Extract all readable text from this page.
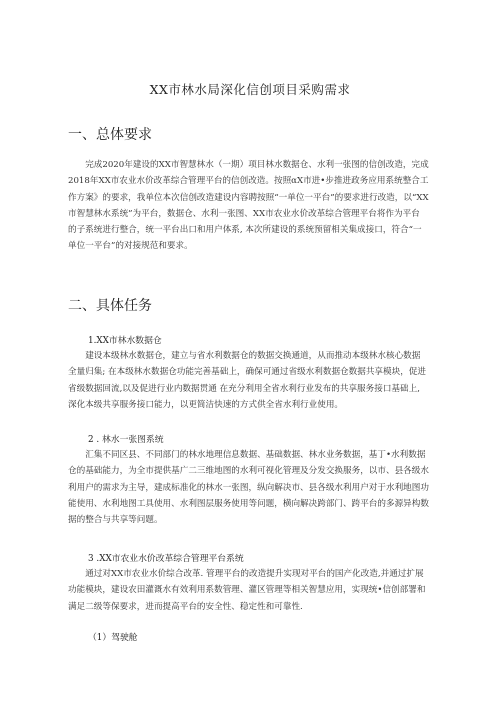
XX市林水局深化信创项目采购需求
一、总体要求
完成2020年建设的XX市智慧林水（一期）项目林水数据仓、水利一张图的信创改造，完成
2018年XX市农业水价改革综合管理平台的信创改造。按照αX市进•步推进政务应用系统整合工
作方案》的要求，我单位本次信创改造建设内容聘按照“一单位一平台”的要求进行改造，以“XX
市智慧林水系统”为平台，数据仓、水利一张图、XX市农业水价改革综合管理平台将作为平台
的子系统进行整合，统一平台出口和用户体系, 本次所建设的系统预留相关集成接口，符合“一
单位一平台”的对接规范和要求。
二、具体任务
1.XX市林水数据仓
建设本级林水数据仓，建立与省水利数据仓的数据交换通道，从而推动本级林水核心数据
全量归集; 在本级林水数据仓功能完善基础上，确保可通过省级水利数据仓数据共享模块，促进
省级数据回流,以及促进行业内数据贯通 在充分利用全省水利行业发布的共享服务接口基础上,
深化本级共享服务接口能力，以更简洁快速的方式供全省水利行业使用。
2 . 林水一张图系统
汇集不同区县、不同部门的林水地理信息数据、基础数据、林水业务数据，基丁•水利数据
仓的基础能力，为全市提供基广二三维地图的水利可视化管理及分发交换服务，以市、县各级水
利用户的需求为主导，建成标准化的林水一张图，纵向解决市、县各级水利用户对于水利地图功
能使用、水利地图工具使用、水利图层服务使用等问题，横向解决跨部门、跨平台的多源异构数
据的整合与共享等问题。
3 .XX市农业水价改革综合管理平台系统
通过对XX市农业水价综合改革. 管理平台的改造提升实现对平台的国产化改造,并通过扩展
功能模块，建设农田灌溉水有效利用系数管理、灌区管理等相关智慧应用，实现统•信创部署和
满足二级等保要求，进而提高平台的安全性、稳定性和可靠性.
（1）驾驶舱
